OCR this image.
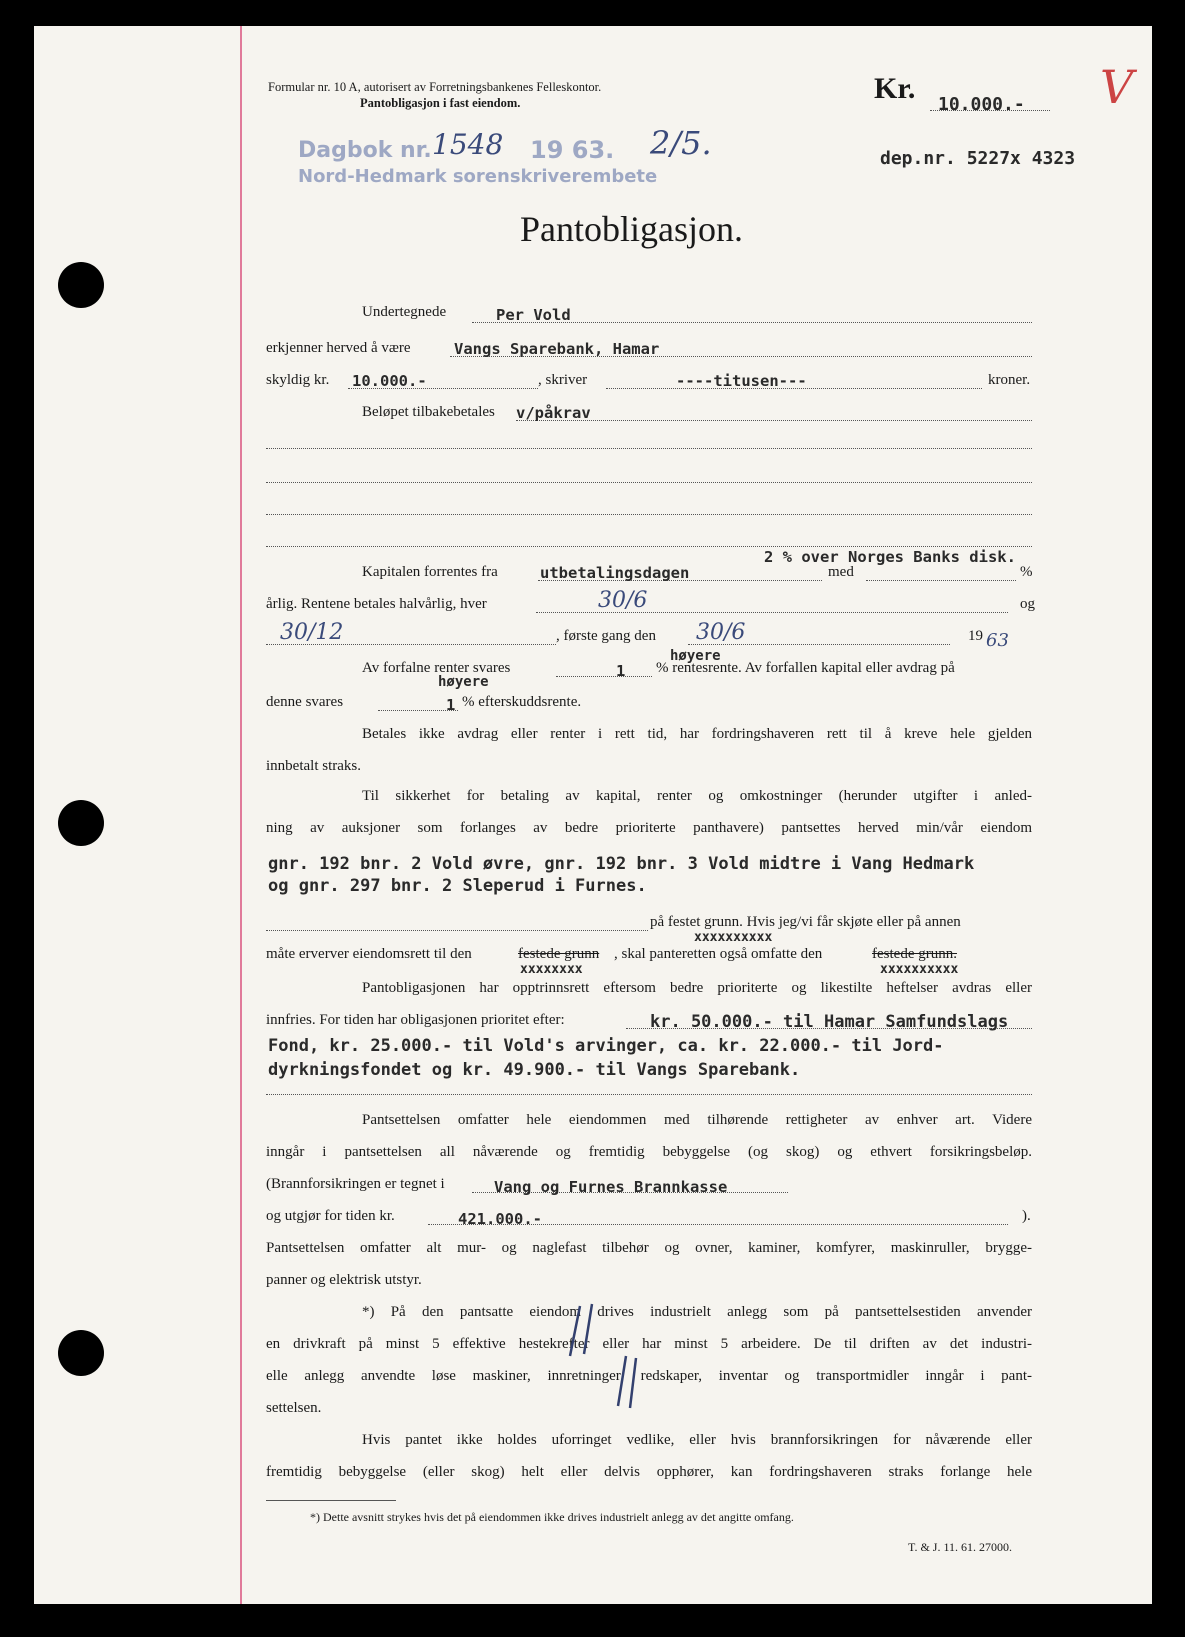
Formular nr. 10 A, autorisert av Forretningsbankenes Felleskontor.
Pantobligasjon i fast eiendom.	Kr. 10.000.- V
Dagbok nr. 1548 19 63. 2/5.
Nord-Hedmark sorenskriverembete
dep.nr. 5227x 4323
Pantobligasjon.
Undertegnede	Per Vold
erkjenner herved å være	Vangs Sparebank, Hamar
skyldig kr. 10.000.-	, skriver	----titusen---	kroner.
Beløpet tilbakebetales v/påkrav
2 % over Norges Banks disk.
Kapitalen forrentes fra	utbetalingsdagen	med	%
årlig. Rentene betales halvårlig, hver	30/6	og
30/12	, første gang den 30/6	19 63
høyere
Av forfalne renter svares	1 % rentesrente. Av forfallen kapital eller avdrag på
høyere
denne svares	1 % efterskuddsrente.
Betales ikke avdrag eller renter i rett tid, har fordringshaveren rett til å kreve hele gjelden
innbetalt straks.
Til sikkerhet for betaling av kapital, renter og omkostninger (herunder utgifter i anled-
ning av auksjoner som forlanges av bedre prioriterte panthavere) pantsettes herved min/vår eiendom
gnr. 192 bnr. 2 Vold øvre, gnr. 192 bnr. 3 Vold midtre i Vang Hedmark
og gnr. 297 bnr. 2 Sleperud i Furnes.
på festet grunn. Hvis jeg/vi får skjøte eller på annen
xxxxxxxxxx
måte erverver eiendomsrett til den	festede grunn , skal panteretten også omfatte den	festede grunn.
xxxxxxxx	xxxxxxxxxx
Pantobligasjonen har opptrinnsrett eftersom bedre prioriterte og likestilte heftelser avdras eller
innfries. For tiden har obligasjonen prioritet efter:	kr. 50.000.- til Hamar Samfundslags
Fond, kr. 25.000.- til Vold's arvinger, ca. kr. 22.000.- til Jord-
dyrkningsfondet og kr. 49.900.- til Vangs Sparebank.
Pantsettelsen omfatter hele eiendommen med tilhørende rettigheter av enhver art. Videre
inngår i pantsettelsen all nåværende og fremtidig bebyggelse (og skog) og ethvert forsikringsbeløp.
(Brannforsikringen er tegnet i	Vang og Furnes Brannkasse
og utgjør for tiden kr.	421.000.-	).
Pantsettelsen omfatter alt mur- og naglefast tilbehør og ovner, kaminer, komfyrer, maskinruller, brygge-
panner og elektrisk utstyr.
*) På den pantsatte eiendom drives industrielt anlegg som på pantsettelsestiden anvender
en drivkraft på minst 5 effektive hestekrefter eller har minst 5 arbeidere. De til driften av det industri-
elle anlegg anvendte løse maskiner, innretninger, redskaper, inventar og transportmidler inngår i pant-
settelsen.
Hvis pantet ikke holdes uforringet vedlike, eller hvis brannforsikringen for nåværende eller
fremtidig bebyggelse (eller skog) helt eller delvis opphører, kan fordringshaveren straks forlange hele
*) Dette avsnitt strykes hvis det på eiendommen ikke drives industrielt anlegg av det angitte omfang.
T. & J. 11. 61. 27000.
